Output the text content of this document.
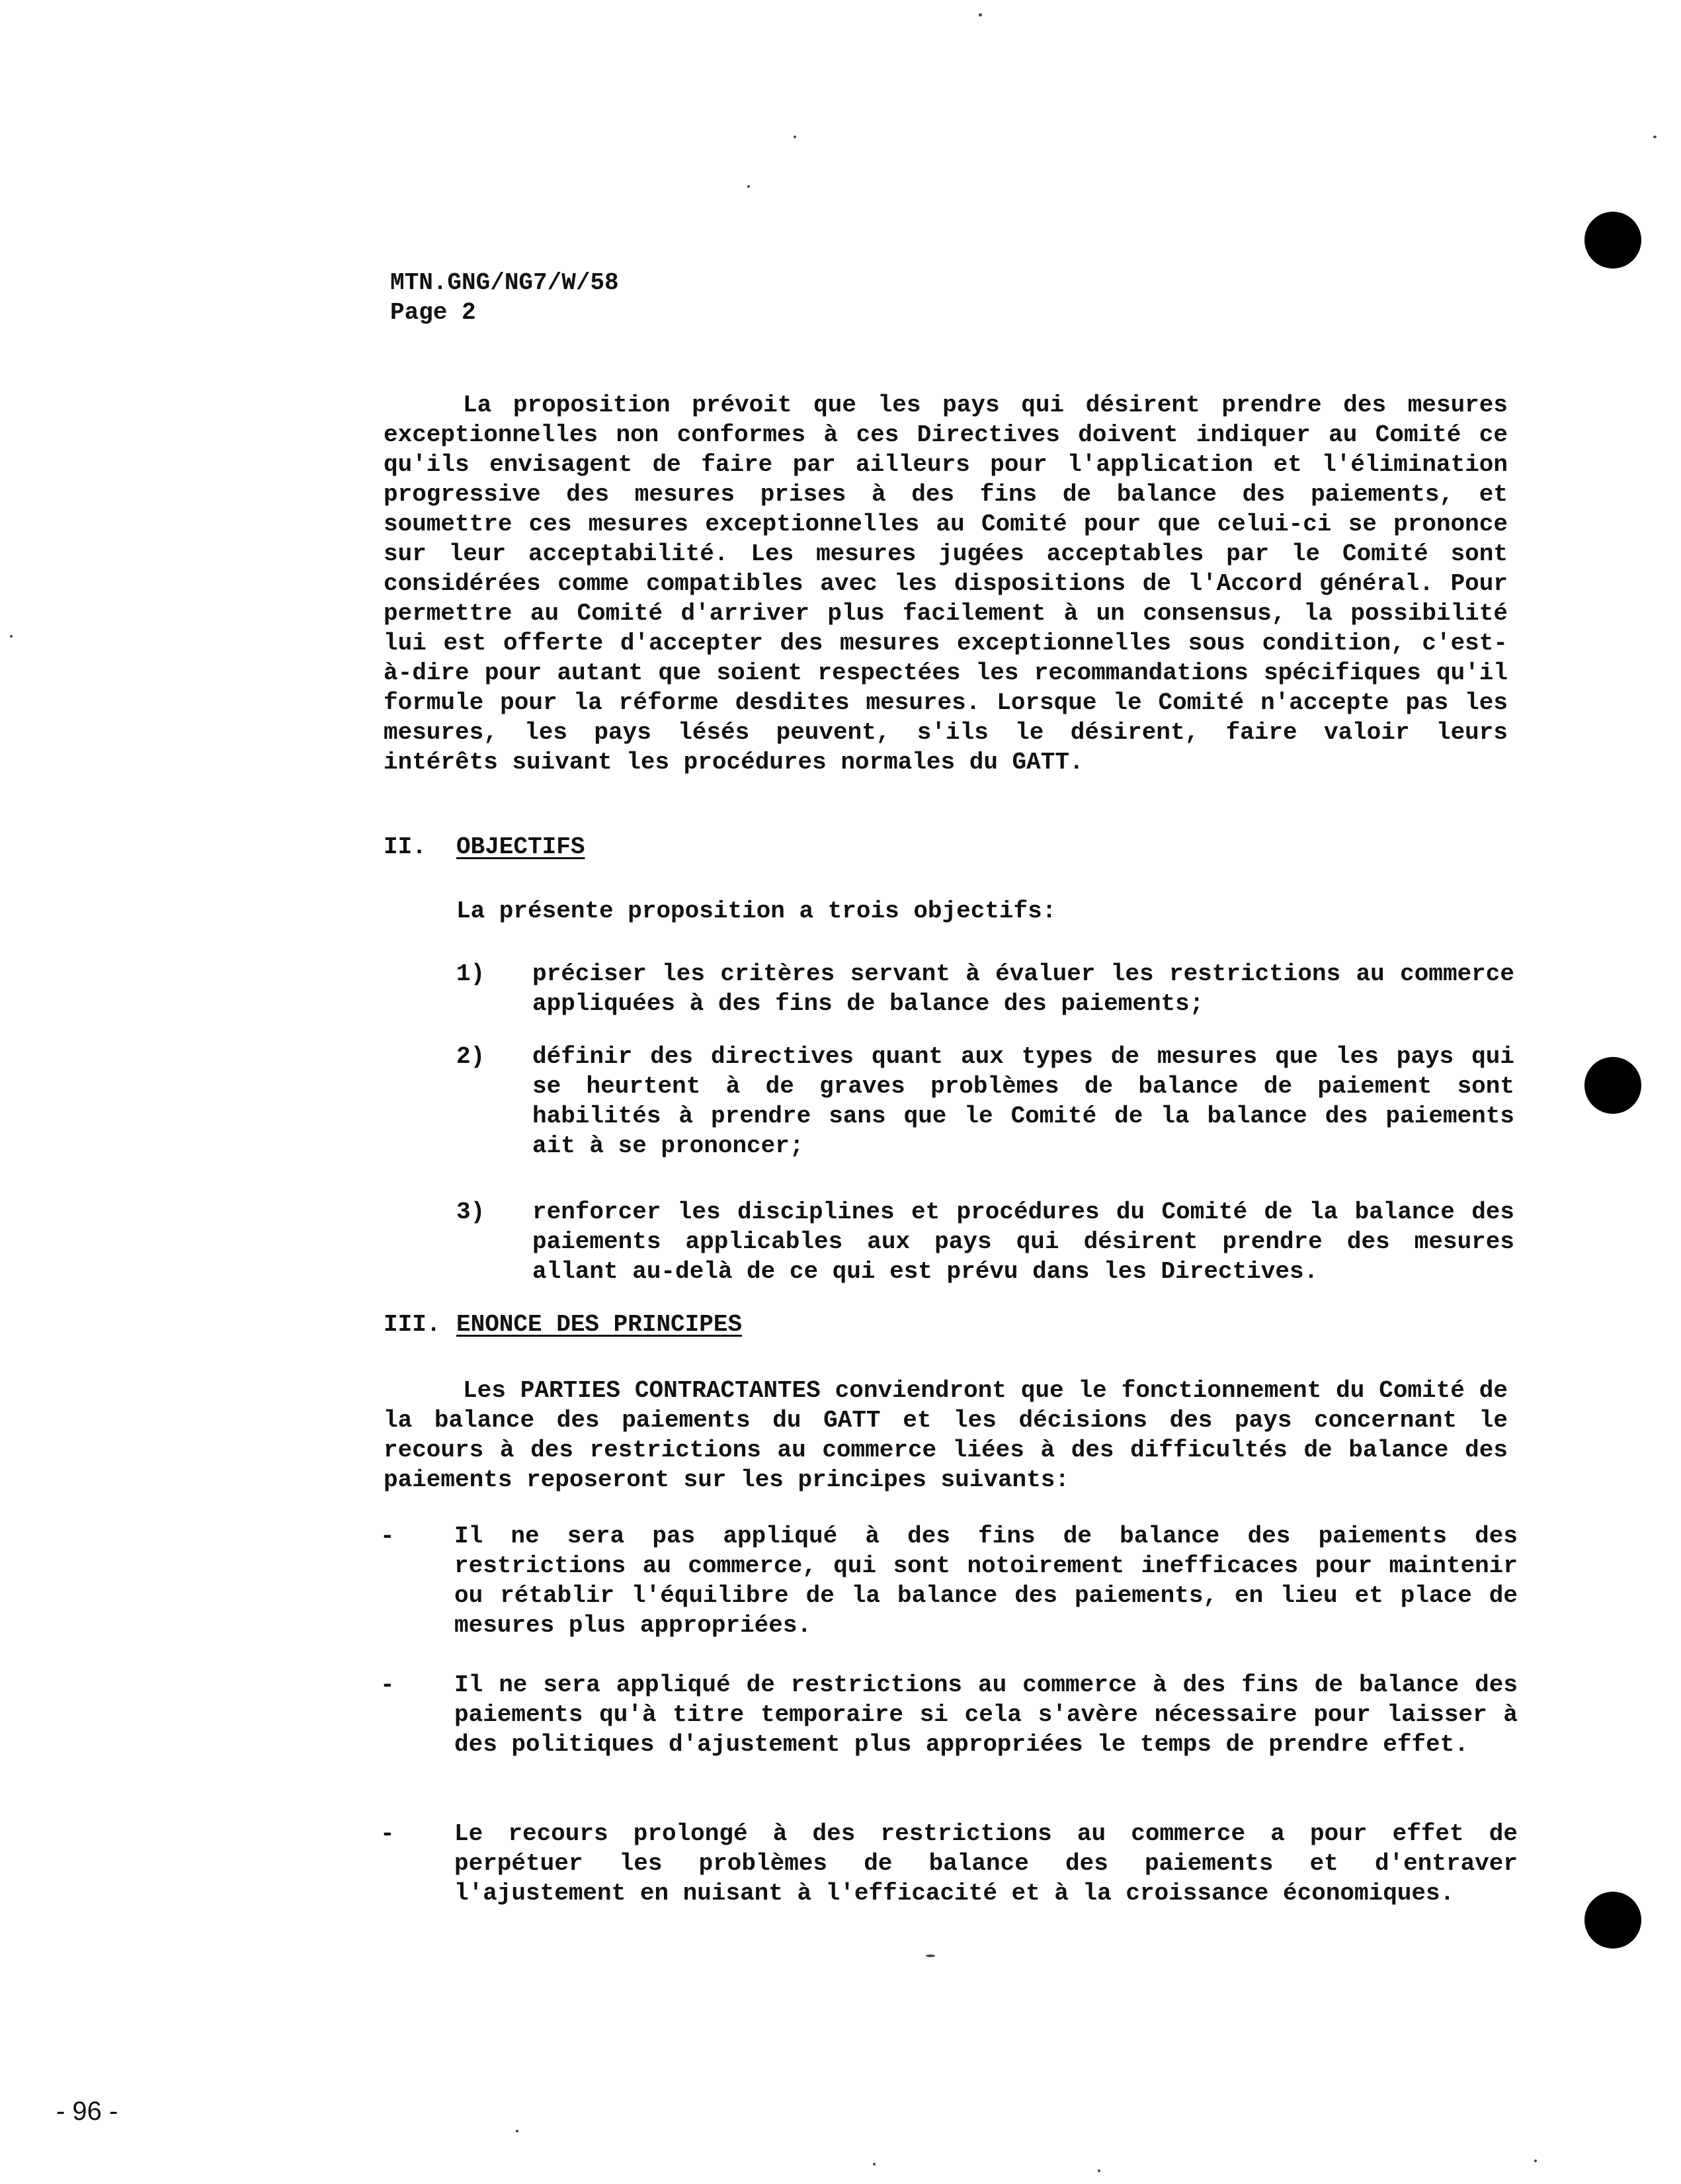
MTN.GNG/NG7/W/58
Page 2
La proposition prévoit que les pays qui désirent prendre des mesures exceptionnelles non conformes à ces Directives doivent indiquer au Comité ce qu'ils envisagent de faire par ailleurs pour l'application et l'élimination progressive des mesures prises à des fins de balance des paiements, et soumettre ces mesures exceptionnelles au Comité pour que celui-ci se prononce sur leur acceptabilité. Les mesures jugées acceptables par le Comité sont considérées comme compatibles avec les dispositions de l'Accord général. Pour permettre au Comité d'arriver plus facilement à un consensus, la possibilité lui est offerte d'accepter des mesures exceptionnelles sous condition, c'est-à-dire pour autant que soient respectées les recommandations spécifiques qu'il formule pour la réforme desdites mesures. Lorsque le Comité n'accepte pas les mesures, les pays lésés peuvent, s'ils le désirent, faire valoir leurs intérêts suivant les procédures normales du GATT.
II. OBJECTIFS
La présente proposition a trois objectifs:
1) préciser les critères servant à évaluer les restrictions au commerce appliquées à des fins de balance des paiements;
2) définir des directives quant aux types de mesures que les pays qui se heurtent à de graves problèmes de balance de paiement sont habilités à prendre sans que le Comité de la balance des paiements ait à se prononcer;
3) renforcer les disciplines et procédures du Comité de la balance des paiements applicables aux pays qui désirent prendre des mesures allant au-delà de ce qui est prévu dans les Directives.
III. ENONCE DES PRINCIPES
Les PARTIES CONTRACTANTES conviendront que le fonctionnement du Comité de la balance des paiements du GATT et les décisions des pays concernant le recours à des restrictions au commerce liées à des difficultés de balance des paiements reposeront sur les principes suivants:
-	Il ne sera pas appliqué à des fins de balance des paiements des restrictions au commerce, qui sont notoirement inefficaces pour maintenir ou rétablir l'équilibre de la balance des paiements, en lieu et place de mesures plus appropriées.
-	Il ne sera appliqué de restrictions au commerce à des fins de balance des paiements qu'à titre temporaire si cela s'avère nécessaire pour laisser à des politiques d'ajustement plus appropriées le temps de prendre effet.
-	Le recours prolongé à des restrictions au commerce a pour effet de perpétuer les problèmes de balance des paiements et d'entraver l'ajustement en nuisant à l'efficacité et à la croissance économiques.
- 96 -
